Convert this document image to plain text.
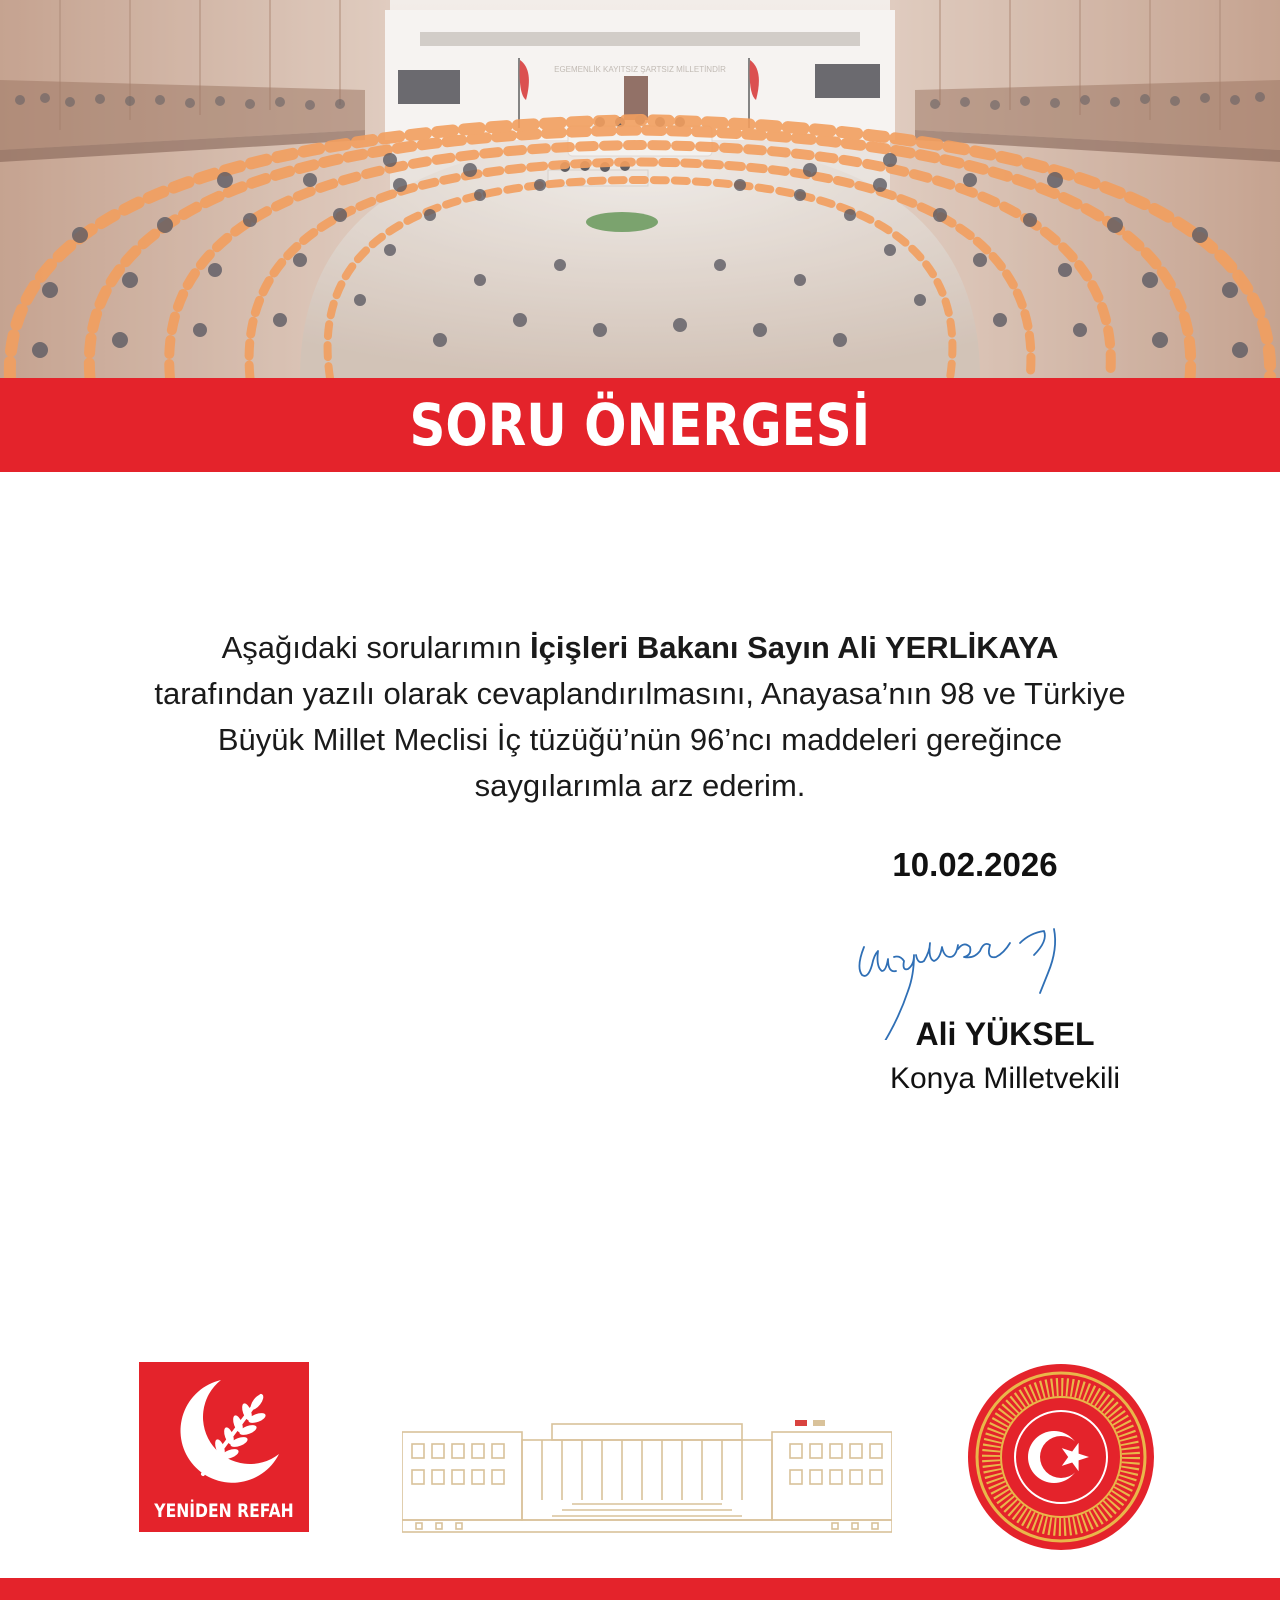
EGEMENLİK KAYITSIZ ŞARTSIZ MİLLETİNDİR
SORU ÖNERGESİ

Aşağıdaki sorularımın İçişleri Bakanı Sayın Ali YERLİKAYA

tarafından yazılı olarak cevaplandırılmasını, Anayasa’nın 98 ve Türkiye

Büyük Millet Meclisi İç tüzüğü’nün 96’ncı maddeleri gereğince

saygılarımla arz ederim.

10.02.2026
Ali YÜKSEL
Konya Milletvekili
YENİDEN REFAH
